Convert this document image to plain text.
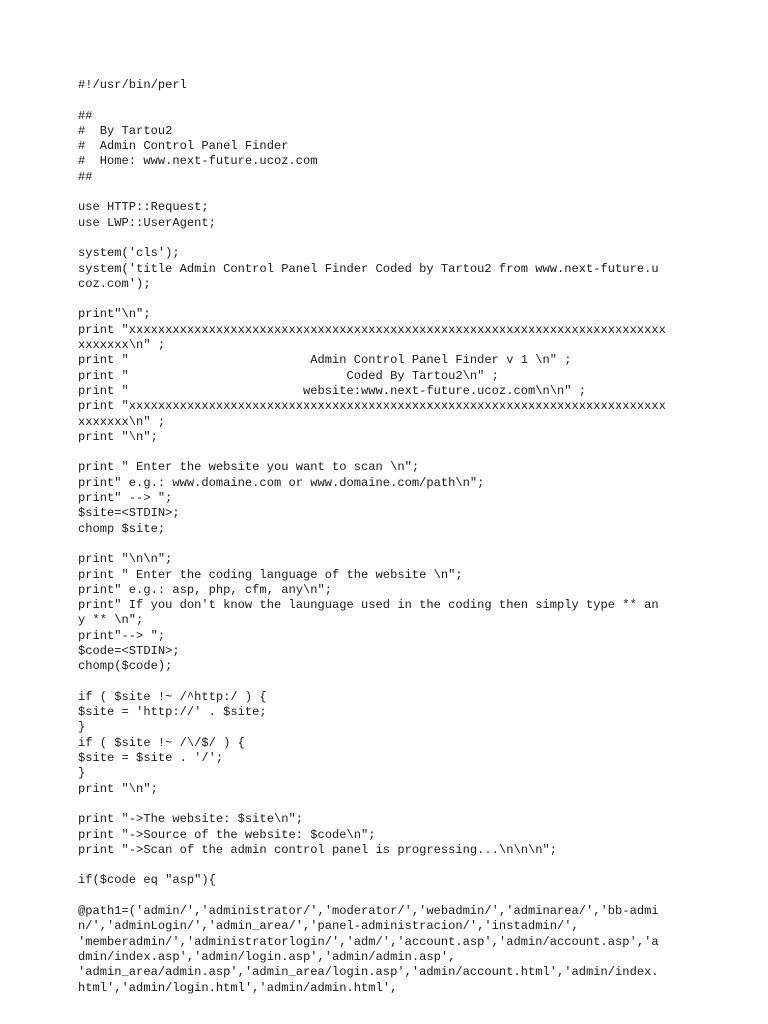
#!/usr/bin/perl
##
#  By Tartou2
#  Admin Control Panel Finder
#  Home: www.next-future.ucoz.com
##
use HTTP::Request;
use LWP::UserAgent;
system('cls');
system('title Admin Control Panel Finder Coded by Tartou2 from www.next-future.u
coz.com');
print"\n";
print "xxxxxxxxxxxxxxxxxxxxxxxxxxxxxxxxxxxxxxxxxxxxxxxxxxxxxxxxxxxxxxxxxxxxxxxxxx
xxxxxxx\n" ;
print "                         Admin Control Panel Finder v 1 \n" ;
print "                              Coded By Tartou2\n" ;
print "                        website:www.next-future.ucoz.com\n\n" ;
print "xxxxxxxxxxxxxxxxxxxxxxxxxxxxxxxxxxxxxxxxxxxxxxxxxxxxxxxxxxxxxxxxxxxxxxxxxx
xxxxxxx\n" ;
print "\n";
print " Enter the website you want to scan \n";
print" e.g.: www.domaine.com or www.domaine.com/path\n";
print" --> ";
$site=<STDIN>;
chomp $site;
print "\n\n";
print " Enter the coding language of the website \n";
print" e.g.: asp, php, cfm, any\n";
print" If you don't know the launguage used in the coding then simply type ** an
y ** \n";
print"--> ";
$code=<STDIN>;
chomp($code);
if ( $site !~ /^http:/ ) {
$site = 'http://' . $site;
}
if ( $site !~ /\/$/ ) {
$site = $site . '/';
}
print "\n";
print "->The website: $site\n";
print "->Source of the website: $code\n";
print "->Scan of the admin control panel is progressing...\n\n\n";
if($code eq "asp"){
@path1=('admin/','administrator/','moderator/','webadmin/','adminarea/','bb-admi
n/','adminLogin/','admin_area/','panel-administracion/','instadmin/',
'memberadmin/','administratorlogin/','adm/','account.asp','admin/account.asp','a
dmin/index.asp','admin/login.asp','admin/admin.asp',
'admin_area/admin.asp','admin_area/login.asp','admin/account.html','admin/index.
html','admin/login.html','admin/admin.html',
